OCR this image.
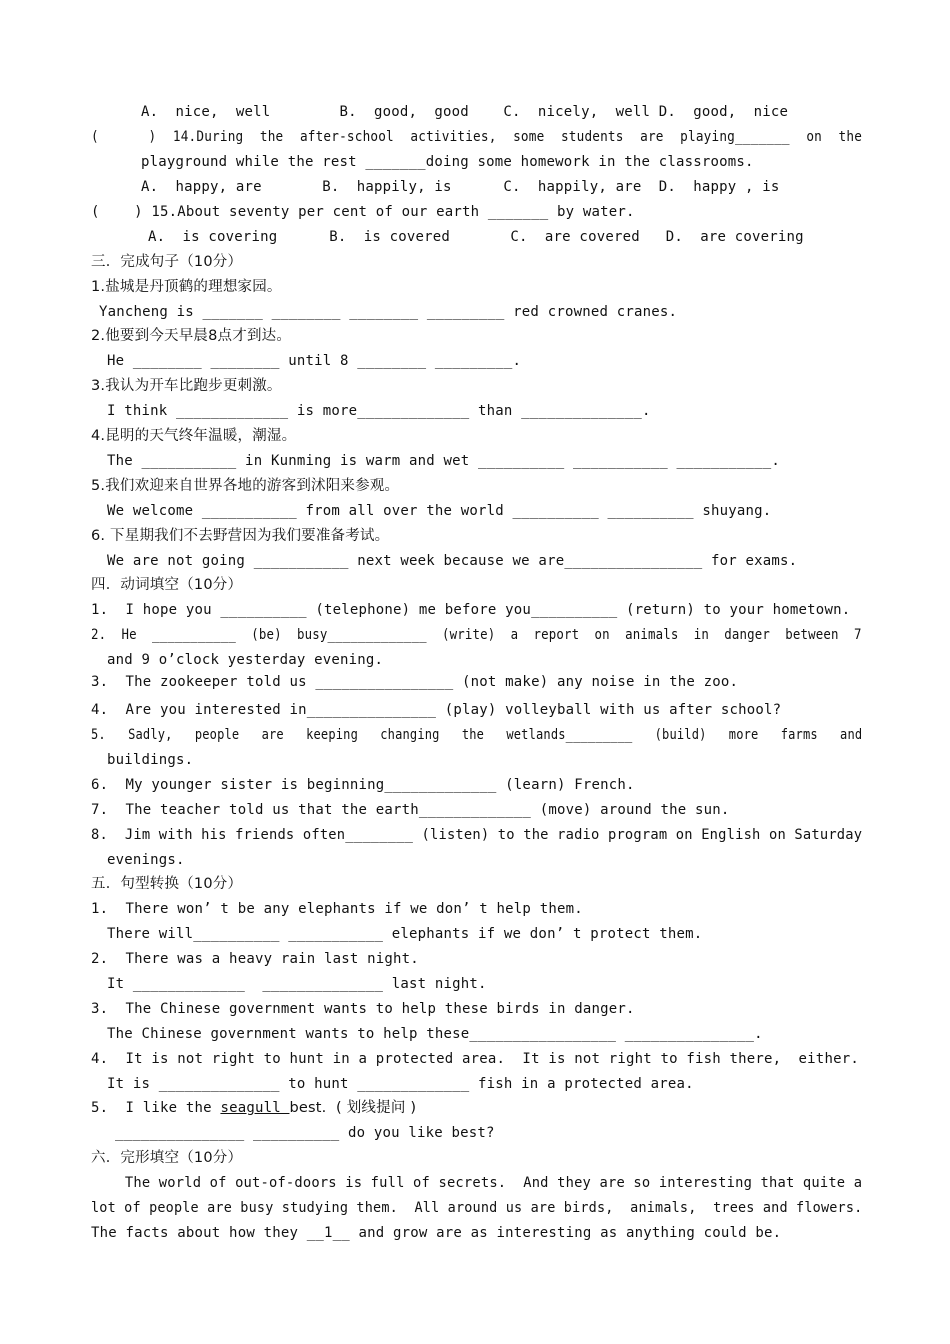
A.  nice,  well        B.  good,  good    C.  nicely,  well D.  good,  nice
(      )  14.During  the  after-school  activities,  some  students  are  playing_______  on  the
playground while the rest _______doing some homework in the classrooms.
A.  happy, are       B.  happily, is      C.  happily, are  D.  happy , is
(    ) 15.About seventy per cent of our earth _______ by water.
A.  is covering      B.  is covered       C.  are covered   D.  are covering
三．完成句子（10分）
1.盐城是丹顶鹤的理想家园。
Yancheng is _______ ________ ________ _________ red crowned cranes.
2.他要到今天早晨8点才到达。
He ________ ________ until 8 ________ _________.
3.我认为开车比跑步更刺激。
I think _____________ is more_____________ than ______________.
4.昆明的天气终年温暖，潮湿。
The ___________ in Kunming is warm and wet __________ ___________ ___________.
5.我们欢迎来自世界各地的游客到沭阳来参观。
We welcome ___________ from all over the world __________ __________ shuyang.
6. 下星期我们不去野营因为我们要准备考试。
We are not going ___________ next week because we are________________ for exams.
四．动词填空（10分）
1.  I hope you __________ (telephone) me before you__________ (return) to your hometown.
2.  He  ___________  (be)  busy_____________  (write)  a  report  on  animals  in  danger  between  7
and 9 o’clock yesterday evening.
3.  The zookeeper told us ________________ (not make) any noise in the zoo.
4.  Are you interested in_______________ (play) volleyball with us after school?
5.   Sadly,   people   are   keeping   changing   the   wetlands_________   (build)   more   farms   and
buildings.
6.  My younger sister is beginning_____________ (learn) French.
7.  The teacher told us that the earth_____________ (move) around the sun.
8.  Jim with his friends often________ (listen) to the radio program on English on Saturday
evenings.
五．句型转换（10分）
1.  There won’ t be any elephants if we don’ t help them.
There will__________ ___________ elephants if we don’ t protect them.
2.  There was a heavy rain last night.
It _____________  ______________ last night.
3.  The Chinese government wants to help these birds in danger.
The Chinese government wants to help these_________________ _______________.
4.  It is not right to hunt in a protected area.  It is not right to fish there,  either.
It is ______________ to hunt _____________ fish in a protected area.
5.  I like the seagull best.  ( 划线提问 )
_______________ __________ do you like best?
六．完形填空（10分）
The world of out-of-doors is full of secrets.  And they are so interesting that quite a
lot of people are busy studying them.  All around us are birds,  animals,  trees and flowers.
The facts about how they __1__ and grow are as interesting as anything could be.
